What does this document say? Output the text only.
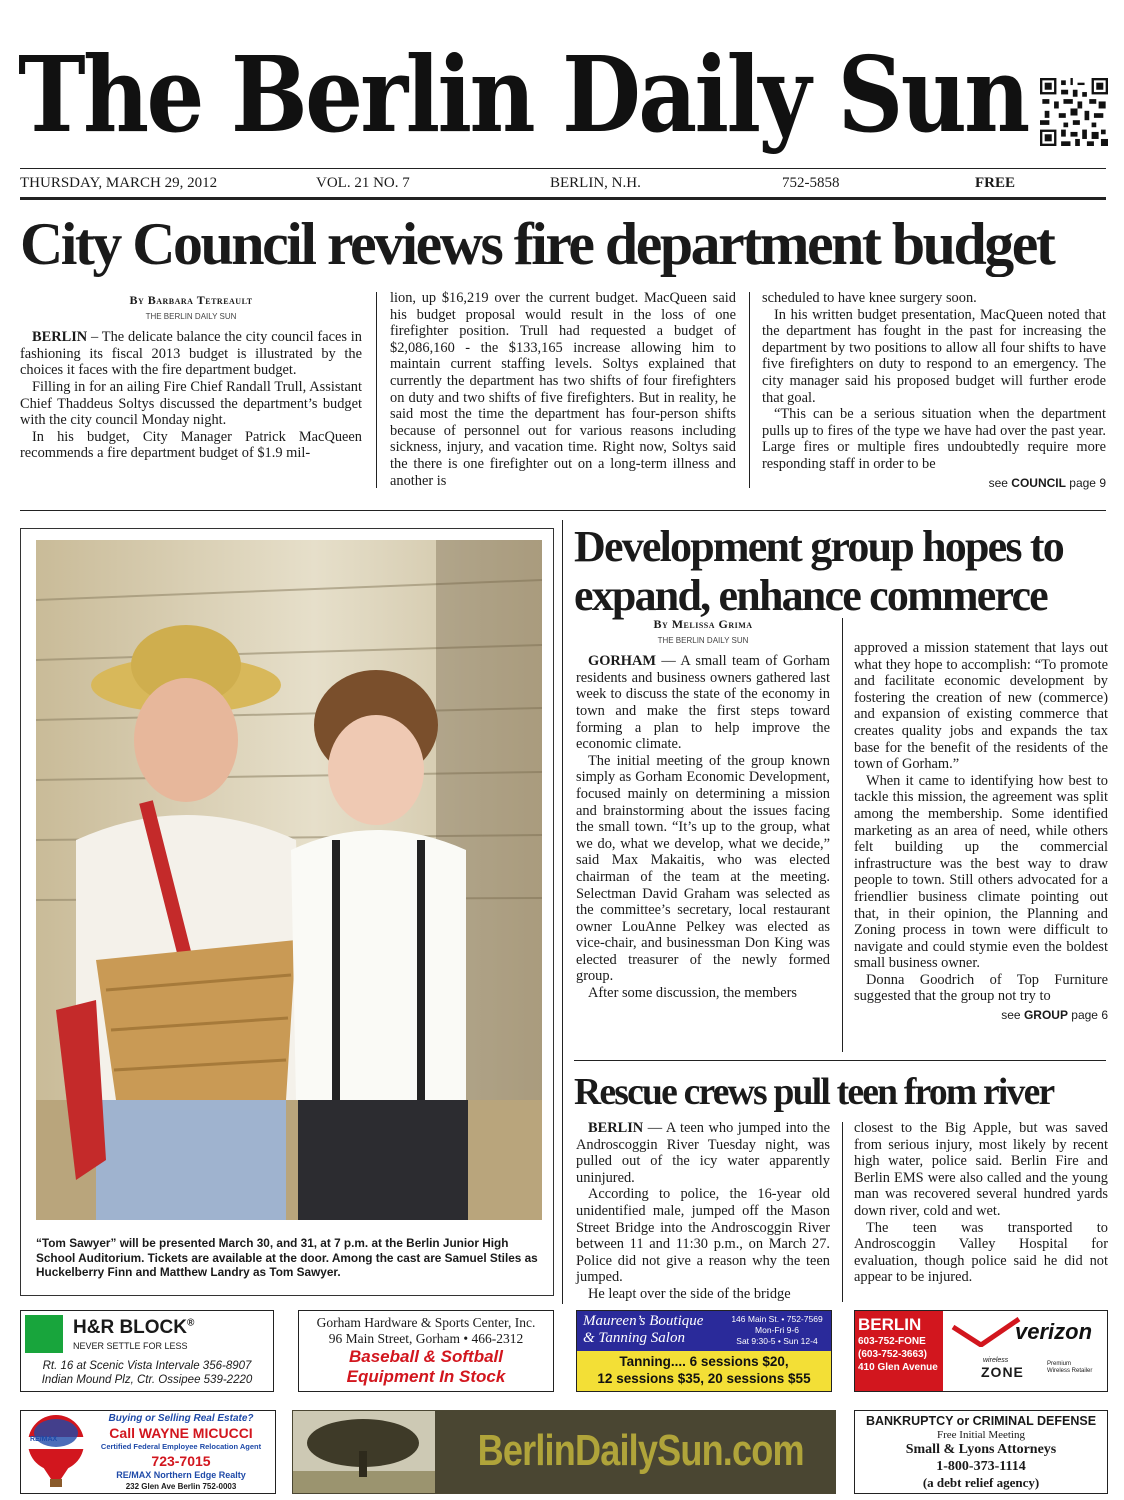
The Berlin Daily Sun
THURSDAY, MARCH 29, 2012	VOL. 21 NO. 7	BERLIN, N.H.	752-5858	FREE
City Council reviews fire department budget
By Barbara Tetreault
THE BERLIN DAILY SUN

BERLIN – The delicate balance the city council faces in fashioning its fiscal 2013 budget is illustrated by the choices it faces with the fire department budget.

Filling in for an ailing Fire Chief Randall Trull, Assistant Chief Thaddeus Soltys discussed the department’s budget with the city council Monday night.

In his budget, City Manager Patrick MacQueen recommends a fire department budget of $1.9 mil-

lion, up $16,219 over the current budget. MacQueen said his budget proposal would result in the loss of one firefighter position. Trull had requested a budget of $2,086,160 - the $133,165 increase allowing him to maintain current staffing levels. Soltys explained that currently the department has two shifts of four firefighters on duty and two shifts of five firefighters. But in reality, he said most the time the department has four-person shifts because of personnel out for various reasons including sickness, injury, and vacation time. Right now, Soltys said the there is one firefighter out on a long-term illness and another is

scheduled to have knee surgery soon.

In his written budget presentation, MacQueen noted that the department has fought in the past for increasing the department by two positions to allow all four shifts to have five firefighters on duty to respond to an emergency. The city manager said his proposed budget will further erode that goal.

“This can be a serious situation when the department pulls up to fires of the type we have had over the past year. Large fires or multiple fires undoubtedly require more responding staff in order to be

see COUNCIL page 9
“Tom Sawyer” will be presented March 30, and 31, at 7 p.m. at the Berlin Junior High School Auditorium. Tickets are available at the door. Among the cast are Samuel Stiles as Huckelberry Finn and Matthew Landry as Tom Sawyer.
Development group hopes to expand, enhance commerce
By Melissa Grima
THE BERLIN DAILY SUN

GORHAM — A small team of Gorham residents and business owners gathered last week to discuss the state of the economy in town and make the first steps toward forming a plan to help improve the economic climate.

The initial meeting of the group known simply as Gorham Economic Development, focused mainly on determining a mission and brainstorming about the issues facing the small town. “It’s up to the group, what we do, what we develop, what we decide,” said Max Makaitis, who was elected chairman of the team at the meeting. Selectman David Graham was selected as the committee’s secretary, local restaurant owner LouAnne Pelkey was elected as vice-chair, and businessman Don King was elected treasurer of the newly formed group.

After some discussion, the members

approved a mission statement that lays out what they hope to accomplish: “To promote and facilitate economic development by fostering the creation of new (commerce) and expansion of existing commerce that creates quality jobs and expands the tax base for the benefit of the residents of the town of Gorham.”

When it came to identifying how best to tackle this mission, the agreement was split among the membership. Some identified marketing as an area of need, while others felt building up the commercial infrastructure was the best way to draw people to town. Still others advocated for a friendlier business climate pointing out that, in their opinion, the Planning and Zoning process in town were difficult to navigate and could stymie even the boldest small business owner.

Donna Goodrich of Top Furniture suggested that the group not try to

see GROUP page 6
Rescue crews pull teen from river

BERLIN — A teen who jumped into the Androscoggin River Tuesday night, was pulled out of the icy water apparently uninjured.

According to police, the 16-year old unidentified male, jumped off the Mason Street Bridge into the Androscoggin River between 11 and 11:30 p.m., on March 27. Police did not give a reason why the teen jumped.

He leapt over the side of the bridge

closest to the Big Apple, but was saved from serious injury, most likely by recent high water, police said. Berlin Fire and Berlin EMS were also called and the young man was recovered several hundred yards down river, cold and wet.

The teen was transported to Androscoggin Valley Hospital for evaluation, though police said he did not appear to be injured.

H&R BLOCK®
NEVER SETTLE FOR LESS
Rt. 16 at Scenic Vista Intervale 356-8907
Indian Mound Plz, Ctr. Ossipee 539-2220
Gorham Hardware & Sports Center, Inc.
96 Main Street, Gorham • 466-2312
Baseball & Softball
Equipment In Stock
Maureen’s Boutique
& Tanning Salon
146 Main St. • 752-7569
Mon-Fri 9-6
Sat 9:30-5 • Sun 12-4
Tanning.... 6 sessions $20,
12 sessions $35, 20 sessions $55
BERLIN
603-752-FONE
(603-752-3663)
410 Glen Avenue
verizon
wireless
ZONE	Premium
Wireless Retailer
RE/MAX
Buying or Selling Real Estate?
Call WAYNE MICUCCI
Certified Federal Employee Relocation Agent
723-7015
RE/MAX Northern Edge Realty
232 Glen Ave Berlin 752-0003
BerlinDailySun.com
BANKRUPTCY or CRIMINAL DEFENSE
Free Initial Meeting
Small & Lyons Attorneys
1-800-373-1114
(a debt relief agency)
